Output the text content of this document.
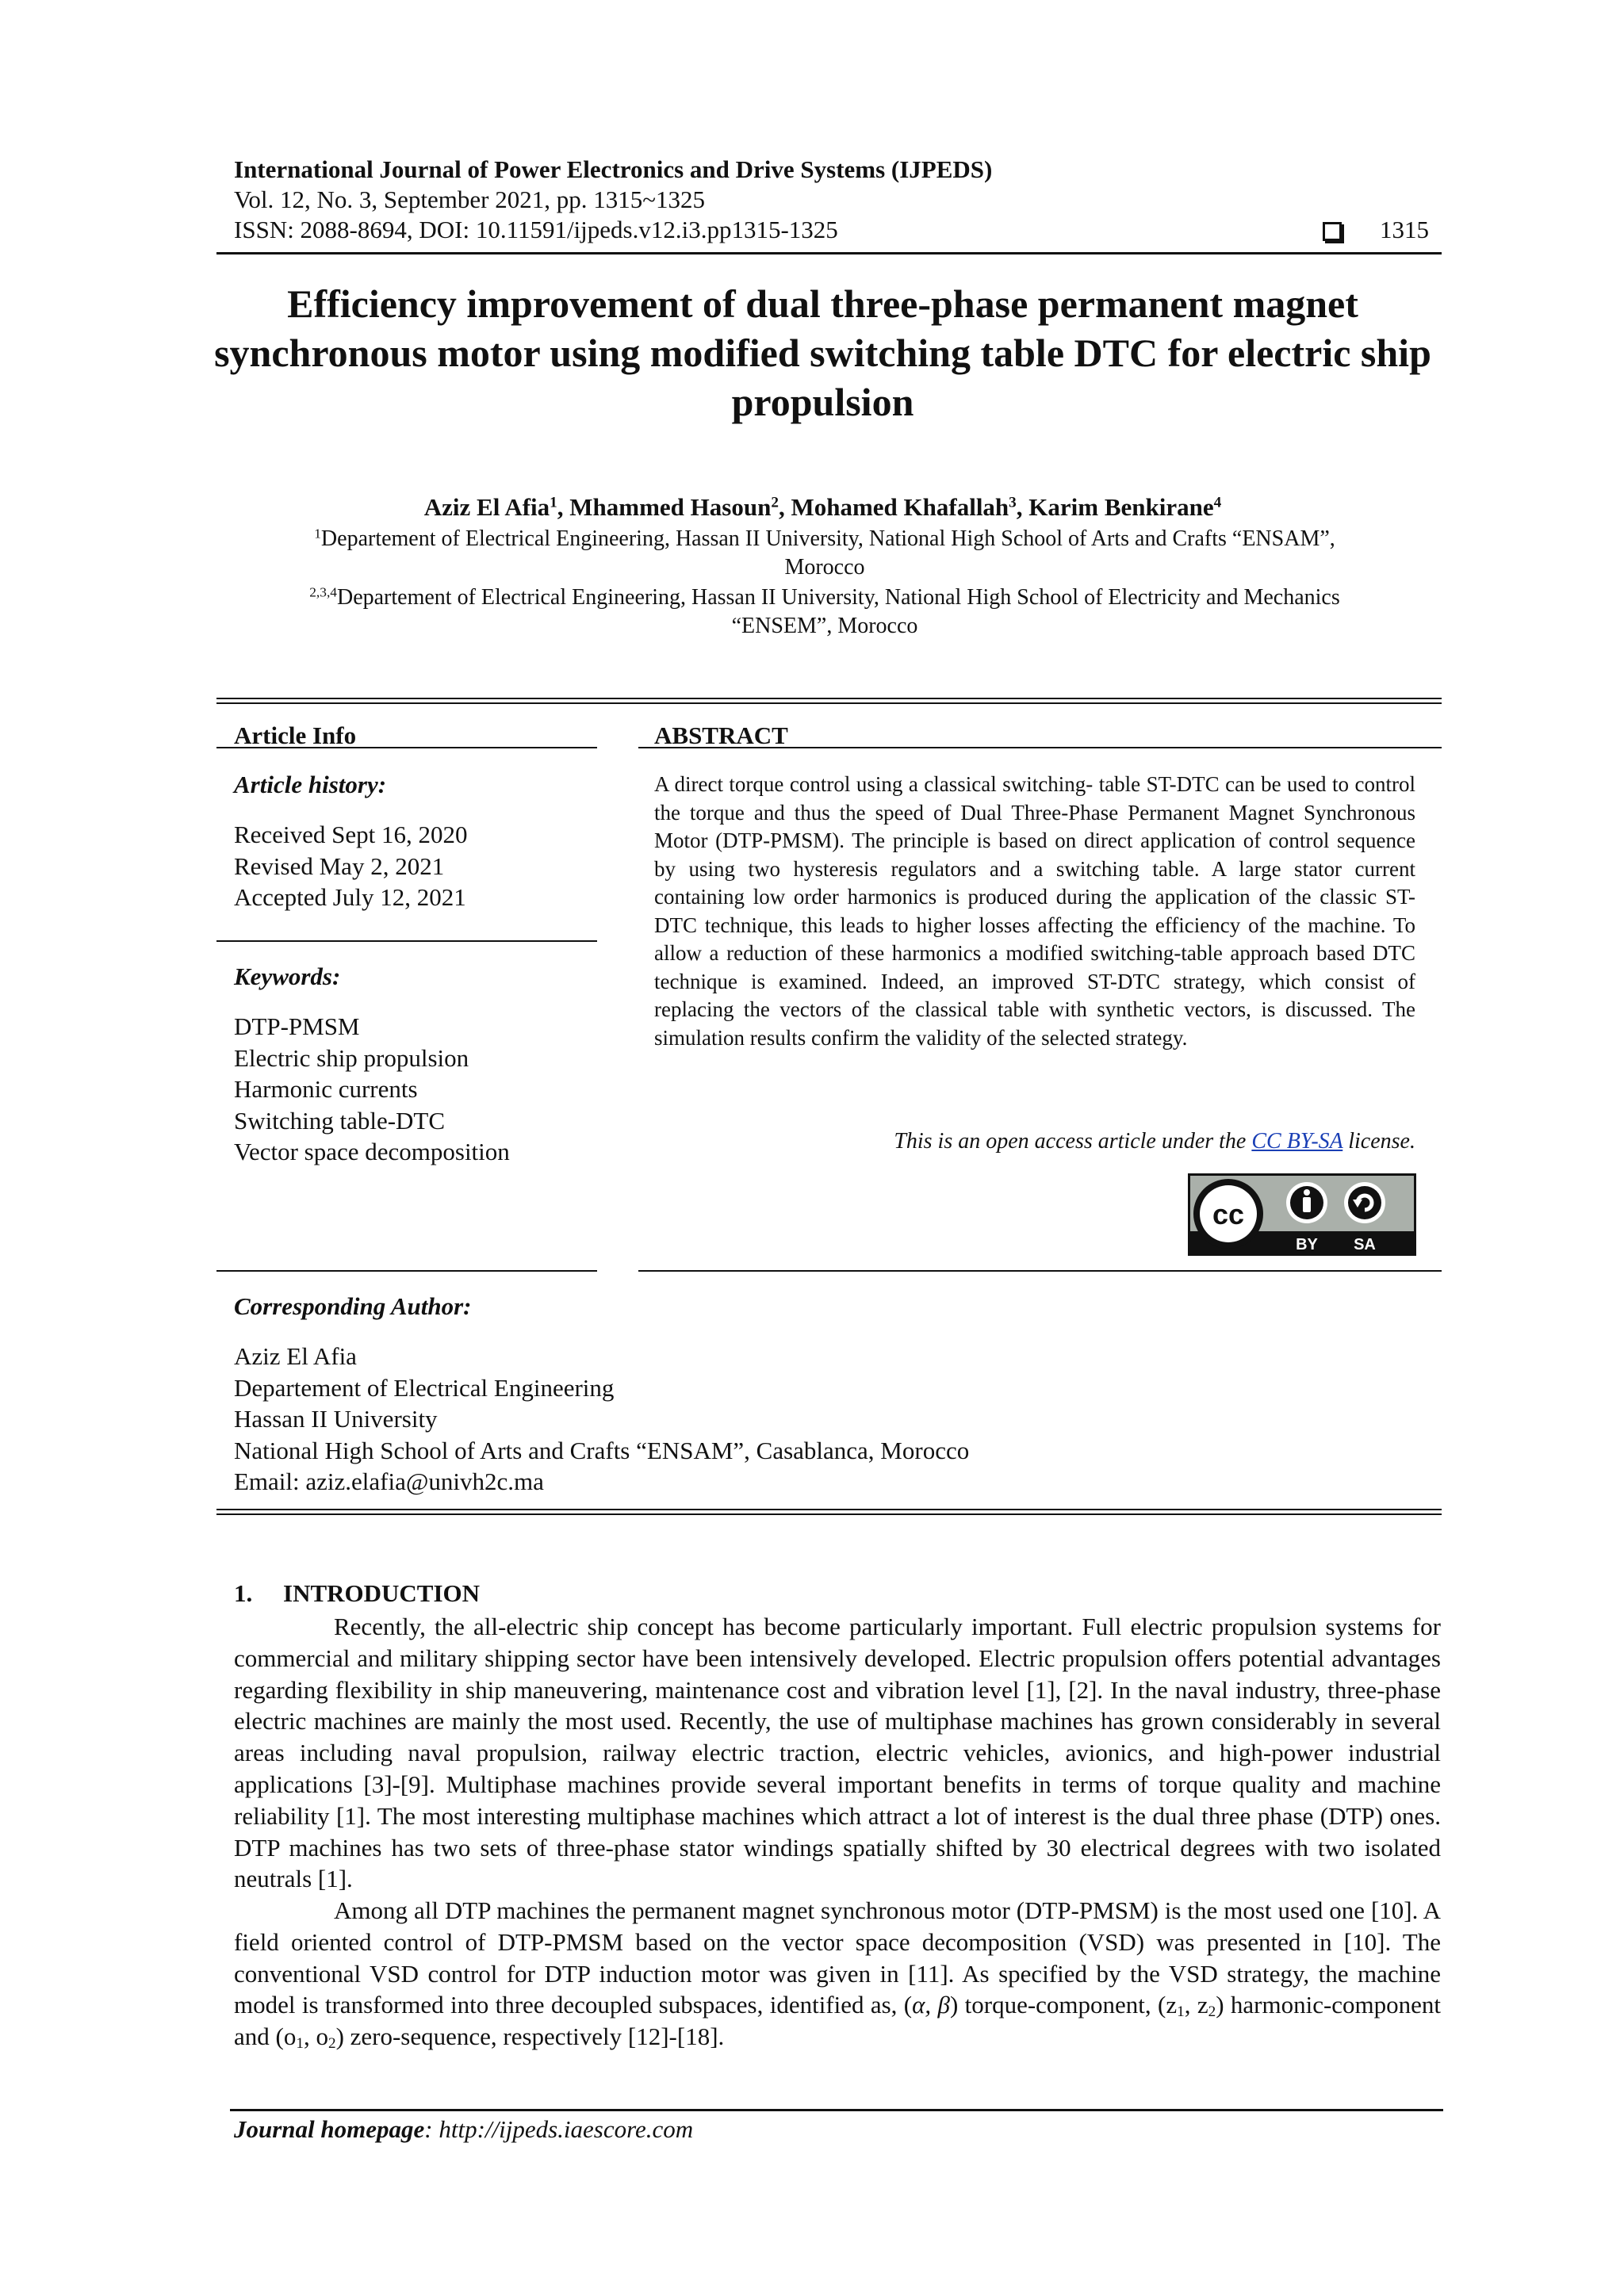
International Journal of Power Electronics and Drive Systems (IJPEDS)
Vol. 12, No. 3, September 2021, pp. 1315~1325
ISSN: 2088-8694, DOI: 10.11591/ijpeds.v12.i3.pp1315-1325	1315
Efficiency improvement of dual three-phase permanent magnet synchronous motor using modified switching table DTC for electric ship propulsion
Aziz El Afia$^1$, Mhammed Hasoun$^2$, Mohamed Khafallah$^3$, Karim Benkirane$^4$
$^1$Departement of Electrical Engineering, Hassan II University, National High School of Arts and Crafts “ENSAM”,
Morocco
$^{2,3,4}$Departement of Electrical Engineering, Hassan II University, National High School of Electricity and Mechanics
“ENSEM”, Morocco
Article Info
Article history:
Received Sept 16, 2020
Revised May 2, 2021
Accepted July 12, 2021
Keywords:
DTP-PMSM
Electric ship propulsion
Harmonic currents
Switching table-DTC
Vector space decomposition
ABSTRACT
A direct torque control using a classical switching- table ST-DTC can be used to control the torque and thus the speed of Dual Three-Phase Permanent Magnet Synchronous Motor (DTP-PMSM). The principle is based on direct application of control sequence by using two hysteresis regulators and a switching table. A large stator current containing low order harmonics is produced during the application of the classic ST-DTC technique, this leads to higher losses affecting the efficiency of the machine. To allow a reduction of these harmonics a modified switching-table approach based DTC technique is examined. Indeed, an improved ST-DTC strategy, which consist of replacing the vectors of the classical table with synthetic vectors, is discussed. The simulation results confirm the validity of the selected strategy.
This is an open access article under the CC BY-SA license.
cc
BY SA
Corresponding Author:
Aziz El Afia
Departement of Electrical Engineering
Hassan II University
National High School of Arts and Crafts “ENSAM”, Casablanca, Morocco
Email: aziz.elafia@univh2c.ma
1. INTRODUCTION
Recently, the all-electric ship concept has become particularly important. Full electric propulsion systems for commercial and military shipping sector have been intensively developed. Electric propulsion offers potential advantages regarding flexibility in ship maneuvering, maintenance cost and vibration level [1], [2]. In the naval industry, three-phase electric machines are mainly the most used. Recently, the use of multiphase machines has grown considerably in several areas including naval propulsion, railway electric traction, electric vehicles, avionics, and high-power industrial applications [3]-[9]. Multiphase machines provide several important benefits in terms of torque quality and machine reliability [1]. The most interesting multiphase machines which attract a lot of interest is the dual three phase (DTP) ones. DTP machines has two sets of three-phase stator windings spatially shifted by 30 electrical degrees with two isolated neutrals [1].
Among all DTP machines the permanent magnet synchronous motor (DTP-PMSM) is the most used one [10]. A field oriented control of DTP-PMSM based on the vector space decomposition (VSD) was presented in [10]. The conventional VSD control for DTP induction motor was given in [11]. As specified by the VSD strategy, the machine model is transformed into three decoupled subspaces, identified as, (α, β) torque-component, ($z_1$, $z_2$) harmonic-component and ($o_1$, $o_2$) zero-sequence, respectively [12]-[18].
Journal homepage: http://ijpeds.iaescore.com
